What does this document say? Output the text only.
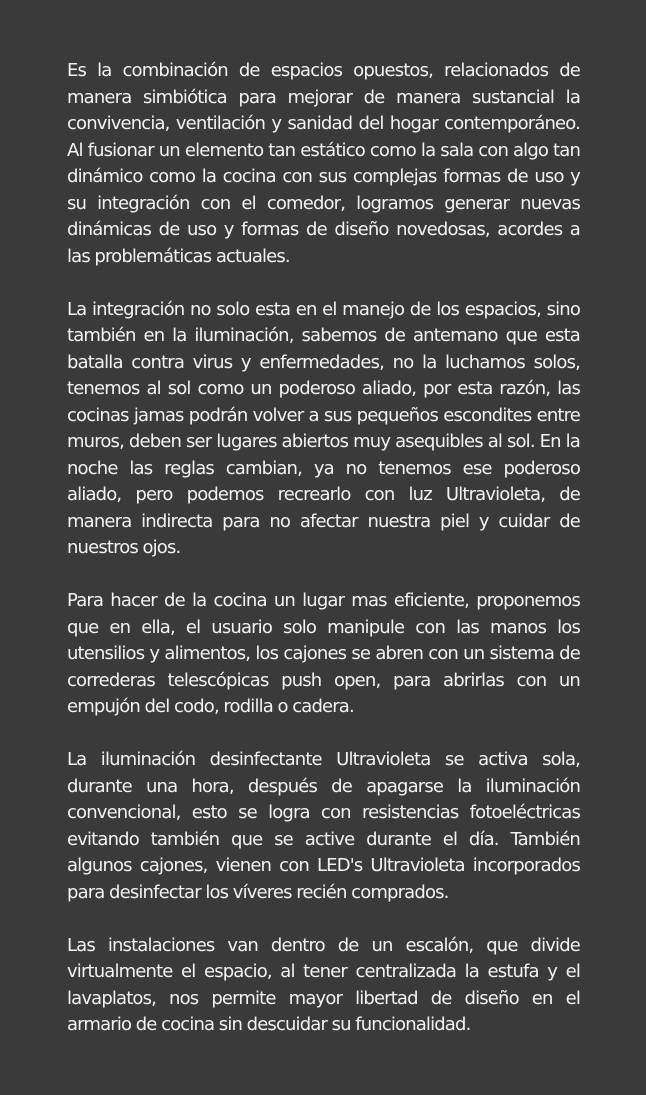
Es la combinación de espacios opuestos, relacionados de manera simbiótica para mejorar de manera sustancial la convivencia, ventilación y sanidad del hogar contemporáneo. Al fusionar un elemento tan estático como la sala con algo tan dinámico como la cocina con sus complejas formas de uso y su integración con el comedor, logramos generar nuevas dinámicas de uso y formas de diseño novedosas, acordes a las problemáticas actuales.

La integración no solo esta en el manejo de los espacios, sino también en la iluminación, sabemos de antemano que esta batalla contra virus y enfermedades, no la luchamos solos, tenemos al sol como un poderoso aliado, por esta razón, las cocinas jamas podrán volver a sus pequeños escondites entre muros, deben ser lugares abiertos muy asequibles al sol. En la noche las reglas cambian, ya no tenemos ese poderoso aliado, pero podemos recrearlo con luz Ultravioleta, de manera indirecta para no afectar nuestra piel y cuidar de nuestros ojos.

Para hacer de la cocina un lugar mas eficiente, proponemos que en ella, el usuario solo manipule con las manos los utensilios y alimentos, los cajones se abren con un sistema de correderas telescópicas push open, para abrirlas con un empujón del codo, rodilla o cadera.

La iluminación desinfectante Ultravioleta se activa sola, durante una hora, después de apagarse la iluminación convencional, esto se logra con resistencias fotoeléctricas evitando también que se active durante el día. También algunos cajones, vienen con LED's Ultravioleta incorporados para desinfectar los víveres recién comprados.

Las instalaciones van dentro de un escalón, que divide virtualmente el espacio, al tener centralizada la estufa y el lavaplatos, nos permite mayor libertad de diseño en el armario de cocina sin descuidar su funcionalidad.
